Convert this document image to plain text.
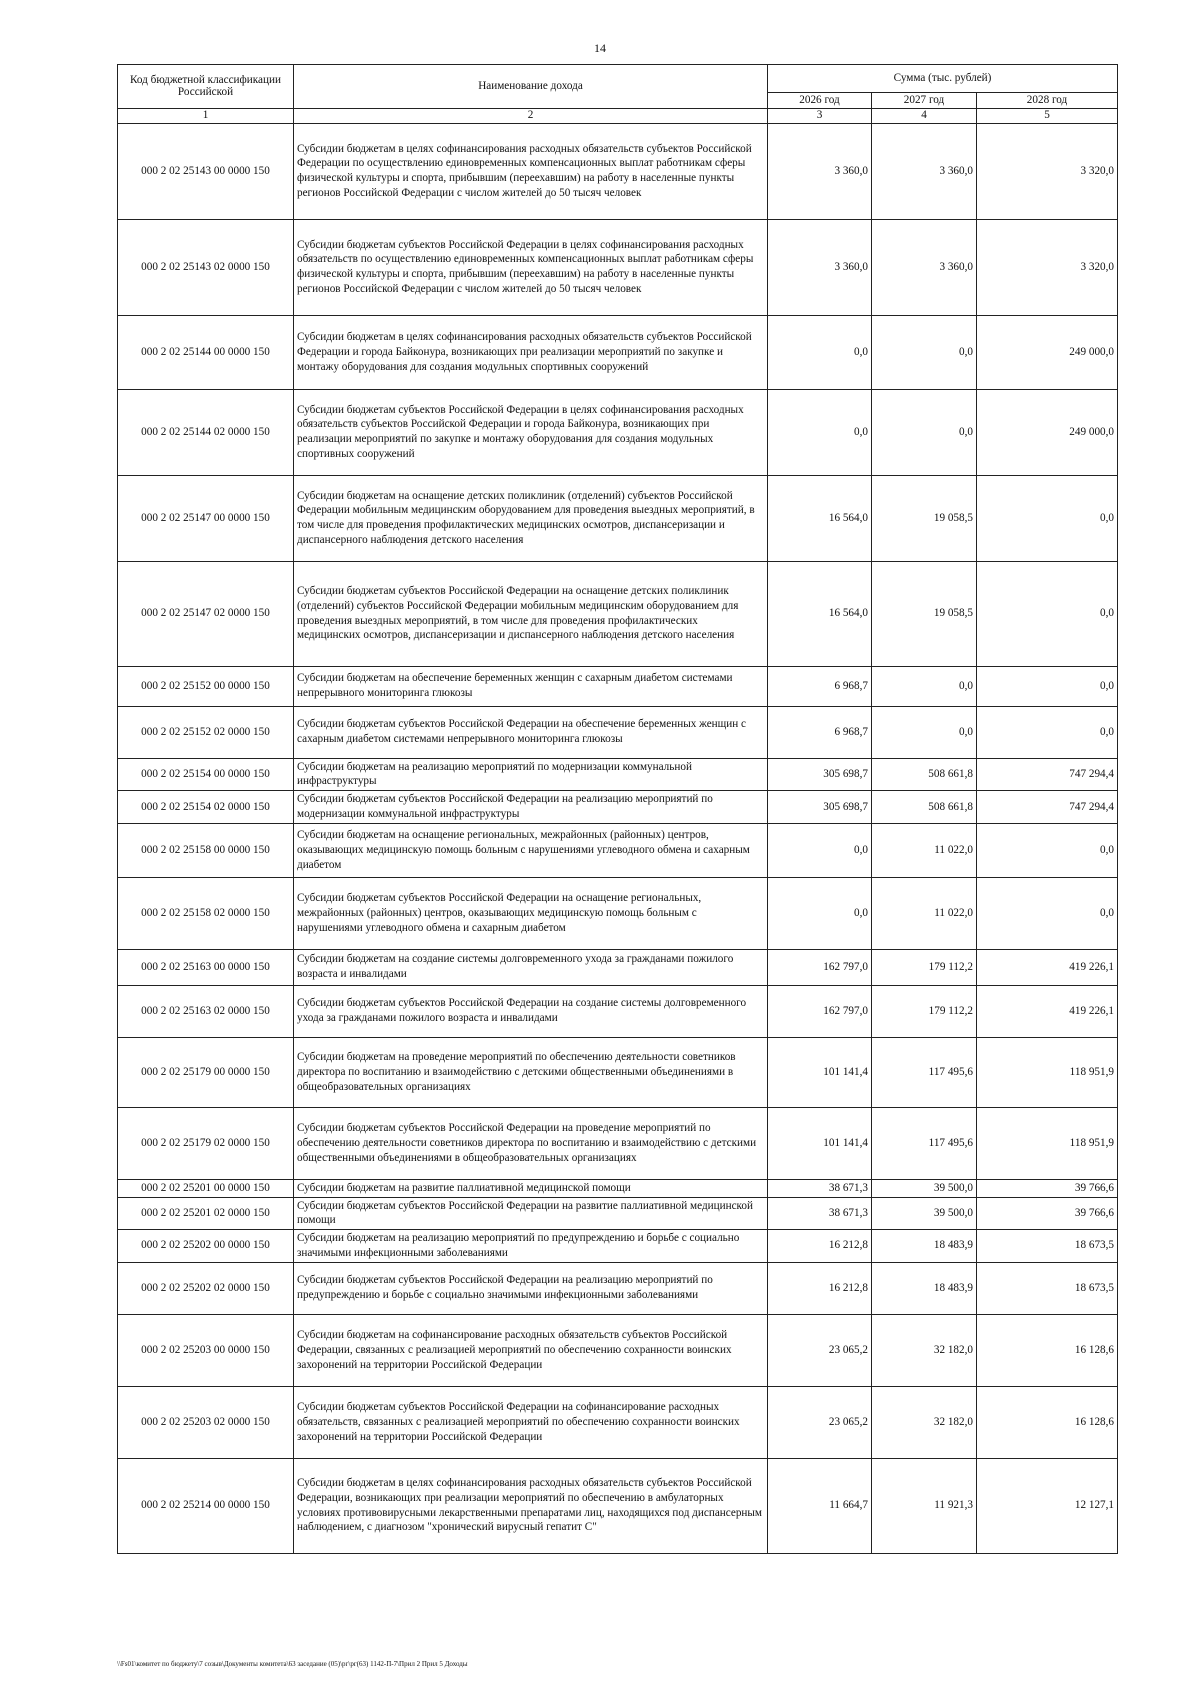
14
Код бюджетной классификации Российской	Наименование дохода	Сумма (тыс. рублей)		
		2026 год	2027 год	2028 год
1	2	3	4	5
000 2 02 25143 00 0000 150	Субсидии бюджетам в целях софинансирования расходных обязательств субъектов Российской Федерации по осуществлению единовременных компенсационных выплат работникам сферы физической культуры и спорта, прибывшим (переехавшим) на работу в населенные пункты регионов Российской Федерации с числом жителей до 50 тысяч человек	3 360,0	3 360,0	3 320,0
000 2 02 25143 02 0000 150	Субсидии бюджетам субъектов Российской Федерации в целях софинансирования расходных обязательств по осуществлению единовременных компенсационных выплат работникам сферы физической культуры и спорта, прибывшим (переехавшим) на работу в населенные пункты регионов Российской Федерации с числом жителей до 50 тысяч человек	3 360,0	3 360,0	3 320,0
000 2 02 25144 00 0000 150	Субсидии бюджетам в целях софинансирования расходных обязательств субъектов Российской Федерации и города Байконура, возникающих при реализации мероприятий по закупке и монтажу оборудования для создания модульных спортивных сооружений	0,0	0,0	249 000,0
000 2 02 25144 02 0000 150	Субсидии бюджетам субъектов Российской Федерации в целях софинансирования расходных обязательств субъектов Российской Федерации и города Байконура, возникающих при реализации мероприятий по закупке и монтажу оборудования для создания модульных спортивных сооружений	0,0	0,0	249 000,0
000 2 02 25147 00 0000 150	Субсидии бюджетам на оснащение детских поликлиник (отделений) субъектов Российской Федерации мобильным медицинским оборудованием для проведения выездных мероприятий, в том числе для проведения профилактических медицинских осмотров, диспансеризации и диспансерного наблюдения детского населения	16 564,0	19 058,5	0,0
000 2 02 25147 02 0000 150	Субсидии бюджетам субъектов Российской Федерации на оснащение детских поликлиник (отделений) субъектов Российской Федерации мобильным медицинским оборудованием для проведения выездных мероприятий, в том числе для проведения профилактических медицинских осмотров, диспансеризации и диспансерного наблюдения детского населения	16 564,0	19 058,5	0,0
000 2 02 25152 00 0000 150	Субсидии бюджетам на обеспечение беременных женщин с сахарным диабетом системами непрерывного мониторинга глюкозы	6 968,7	0,0	0,0
000 2 02 25152 02 0000 150	Субсидии бюджетам субъектов Российской Федерации на обеспечение беременных женщин с сахарным диабетом системами непрерывного мониторинга глюкозы	6 968,7	0,0	0,0
000 2 02 25154 00 0000 150	Субсидии бюджетам на реализацию мероприятий по модернизации коммунальной инфраструктуры	305 698,7	508 661,8	747 294,4
000 2 02 25154 02 0000 150	Субсидии бюджетам субъектов Российской Федерации на реализацию мероприятий по модернизации коммунальной инфраструктуры	305 698,7	508 661,8	747 294,4
000 2 02 25158 00 0000 150	Субсидии бюджетам на оснащение региональных, межрайонных (районных) центров, оказывающих медицинскую помощь больным с нарушениями углеводного обмена и сахарным диабетом	0,0	11 022,0	0,0
000 2 02 25158 02 0000 150	Субсидии бюджетам субъектов Российской Федерации на оснащение региональных, межрайонных (районных) центров, оказывающих медицинскую помощь больным с нарушениями углеводного обмена и сахарным диабетом	0,0	11 022,0	0,0
000 2 02 25163 00 0000 150	Субсидии бюджетам на создание системы долговременного ухода за гражданами пожилого возраста и инвалидами	162 797,0	179 112,2	419 226,1
000 2 02 25163 02 0000 150	Субсидии бюджетам субъектов Российской Федерации на создание системы долговременного ухода за гражданами пожилого возраста и инвалидами	162 797,0	179 112,2	419 226,1
000 2 02 25179 00 0000 150	Субсидии бюджетам на проведение мероприятий по обеспечению деятельности советников директора по воспитанию и взаимодействию с детскими общественными объединениями в общеобразовательных организациях	101 141,4	117 495,6	118 951,9
000 2 02 25179 02 0000 150	Субсидии бюджетам субъектов Российской Федерации на проведение мероприятий по обеспечению деятельности советников директора по воспитанию и взаимодействию с детскими общественными объединениями в общеобразовательных организациях	101 141,4	117 495,6	118 951,9
000 2 02 25201 00 0000 150	Субсидии бюджетам на развитие паллиативной медицинской помощи	38 671,3	39 500,0	39 766,6
000 2 02 25201 02 0000 150	Субсидии бюджетам субъектов Российской Федерации на развитие паллиативной медицинской помощи	38 671,3	39 500,0	39 766,6
000 2 02 25202 00 0000 150	Субсидии бюджетам на реализацию мероприятий по предупреждению и борьбе с социально значимыми инфекционными заболеваниями	16 212,8	18 483,9	18 673,5
000 2 02 25202 02 0000 150	Субсидии бюджетам субъектов Российской Федерации на реализацию мероприятий по предупреждению и борьбе с социально значимыми инфекционными заболеваниями	16 212,8	18 483,9	18 673,5
000 2 02 25203 00 0000 150	Субсидии бюджетам на софинансирование расходных обязательств субъектов Российской Федерации, связанных с реализацией мероприятий по обеспечению сохранности воинских захоронений на территории Российской Федерации	23 065,2	32 182,0	16 128,6
000 2 02 25203 02 0000 150	Субсидии бюджетам субъектов Российской Федерации на софинансирование расходных обязательств, связанных с реализацией мероприятий по обеспечению сохранности воинских захоронений на территории Российской Федерации	23 065,2	32 182,0	16 128,6
000 2 02 25214 00 0000 150	Субсидии бюджетам в целях софинансирования расходных обязательств субъектов Российской Федерации, возникающих при реализации мероприятий по обеспечению в амбулаторных условиях противовирусными лекарственными препаратами лиц, находящихся под диспансерным наблюдением, с диагнозом "хронический вирусный гепатит С"	11 664,7	11 921,3	12 127,1
\\Fs01\комитет по бюджету\7 созыв\Документы комитета\63 заседание (05)\рг\рг(63) 1142-П-7\Прил 2 Прил 5 Доходы
